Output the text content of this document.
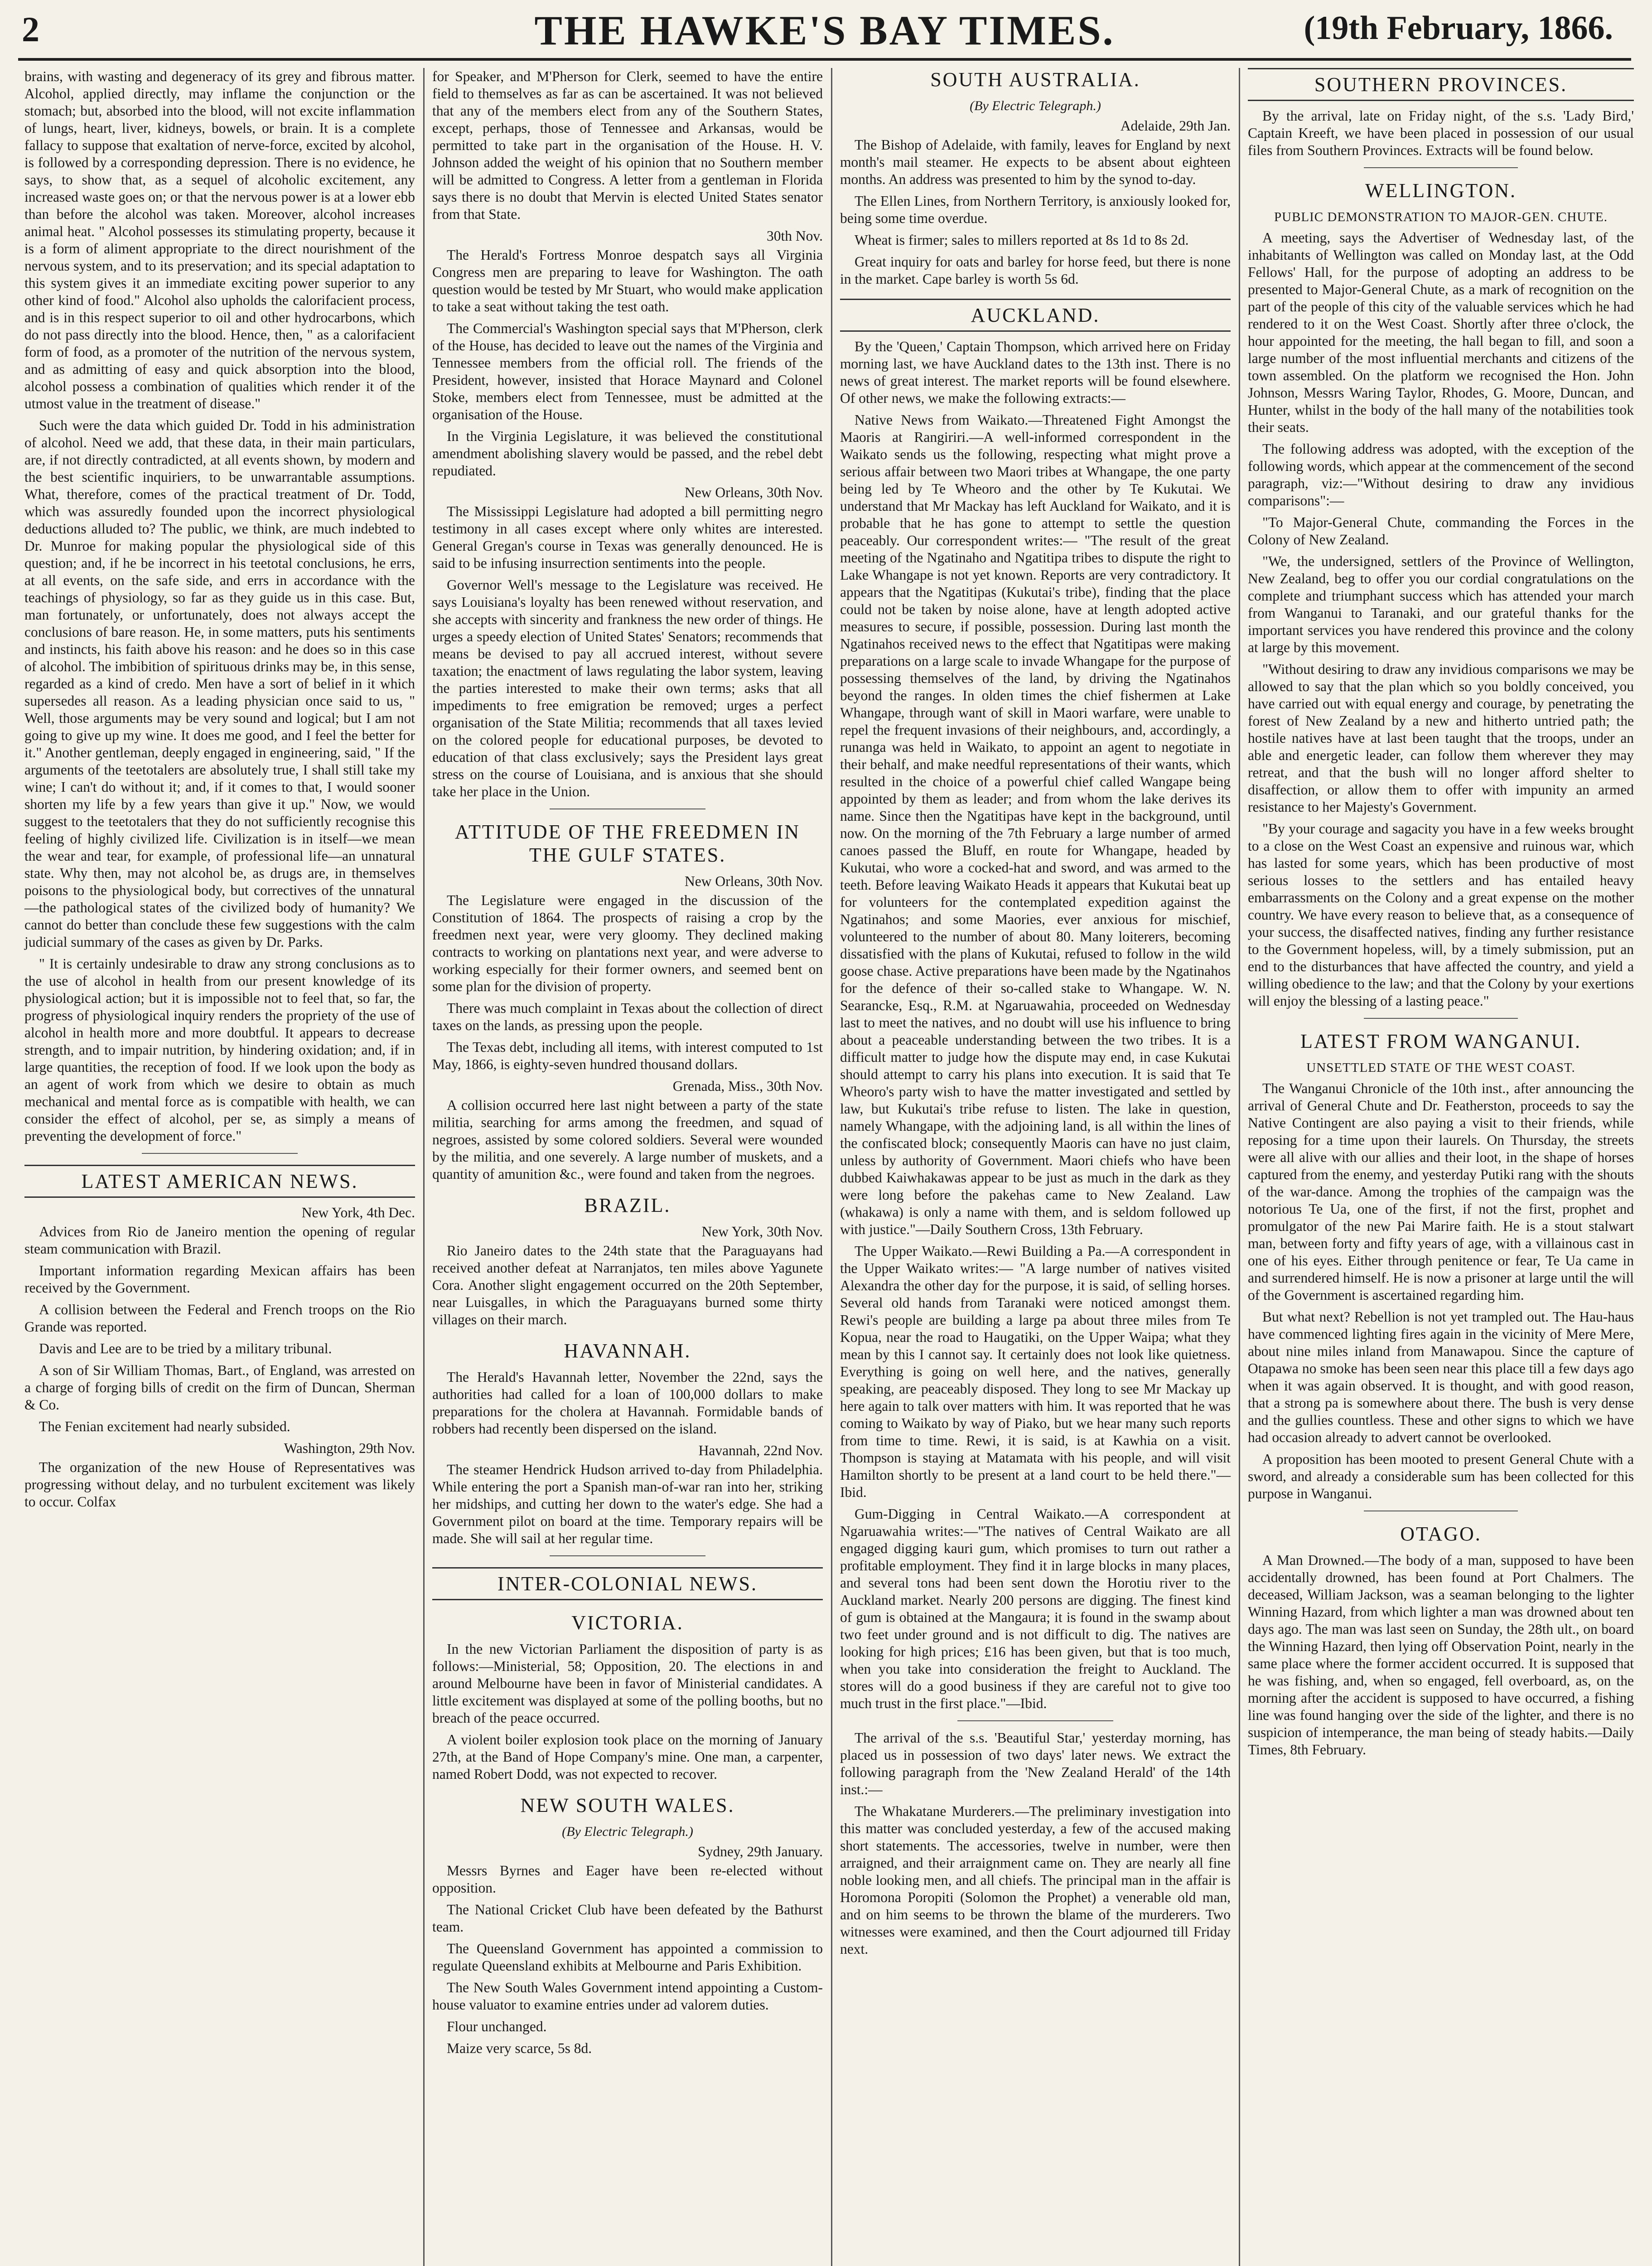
2	THE HAWKE'S BAY TIMES.	(19th February, 1866.

brains, with wasting and degeneracy of its grey and fibrous matter. Alcohol, applied directly, may inflame the conjunction or the stomach; but, absorbed into the blood, will not excite inflammation of lungs, heart, liver, kidneys, bowels, or brain. It is a complete fallacy to suppose that exaltation of nerve-force, excited by alcohol, is followed by a corresponding depression. There is no evidence, he says, to show that, as a sequel of alcoholic excitement, any increased waste goes on; or that the nervous power is at a lower ebb than before the alcohol was taken. Moreover, alcohol increases animal heat. " Alcohol possesses its stimulating property, because it is a form of aliment appropriate to the direct nourishment of the nervous system, and to its preservation; and its special adaptation to this system gives it an immediate exciting power superior to any other kind of food." Alcohol also upholds the calorifacient process, and is in this respect superior to oil and other hydrocarbons, which do not pass directly into the blood. Hence, then, " as a calorifacient form of food, as a promoter of the nutrition of the nervous system, and as admitting of easy and quick absorption into the blood, alcohol possess a combination of qualities which render it of the utmost value in the treatment of disease."

Such were the data which guided Dr. Todd in his administration of alcohol. Need we add, that these data, in their main particulars, are, if not directly contradicted, at all events shown, by modern and the best scientific inquiriers, to be unwarrantable assumptions. What, therefore, comes of the practical treatment of Dr. Todd, which was assuredly founded upon the incorrect physiological deductions alluded to? The public, we think, are much indebted to Dr. Munroe for making popular the physiological side of this question; and, if he be incorrect in his teetotal conclusions, he errs, at all events, on the safe side, and errs in accordance with the teachings of physiology, so far as they guide us in this case. But, man fortunately, or unfortunately, does not always accept the conclusions of bare reason. He, in some matters, puts his sentiments and instincts, his faith above his reason: and he does so in this case of alcohol. The imbibition of spirituous drinks may be, in this sense, regarded as a kind of credo. Men have a sort of belief in it which supersedes all reason. As a leading physician once said to us, " Well, those arguments may be very sound and logical; but I am not going to give up my wine. It does me good, and I feel the better for it." Another gentleman, deeply engaged in engineering, said, " If the arguments of the teetotalers are absolutely true, I shall still take my wine; I can't do without it; and, if it comes to that, I would sooner shorten my life by a few years than give it up." Now, we would suggest to the teetotalers that they do not sufficiently recognise this feeling of highly civilized life. Civilization is in itself—we mean the wear and tear, for example, of professional life—an unnatural state. Why then, may not alcohol be, as drugs are, in themselves poisons to the physiological body, but correctives of the unnatural—the pathological states of the civilized body of humanity? We cannot do better than conclude these few suggestions with the calm judicial summary of the cases as given by Dr. Parks.

" It is certainly undesirable to draw any strong conclusions as to the use of alcohol in health from our present knowledge of its physiological action; but it is impossible not to feel that, so far, the progress of physiological inquiry renders the propriety of the use of alcohol in health more and more doubtful. It appears to decrease strength, and to impair nutrition, by hindering oxidation; and, if in large quantities, the reception of food. If we look upon the body as an agent of work from which we desire to obtain as much mechanical and mental force as is compatible with health, we can consider the effect of alcohol, per se, as simply a means of preventing the development of force."

LATEST AMERICAN NEWS.

New York, 4th Dec.

Advices from Rio de Janeiro mention the opening of regular steam communication with Brazil.

Important information regarding Mexican affairs has been received by the Government.

A collision between the Federal and French troops on the Rio Grande was reported.

Davis and Lee are to be tried by a military tribunal.

A son of Sir William Thomas, Bart., of England, was arrested on a charge of forging bills of credit on the firm of Duncan, Sherman & Co.

The Fenian excitement had nearly subsided.

Washington, 29th Nov.

The organization of the new House of Representatives was progressing without delay, and no turbulent excitement was likely to occur. Colfax

for Speaker, and M'Pherson for Clerk, seemed to have the entire field to themselves as far as can be ascertained. It was not believed that any of the members elect from any of the Southern States, except, perhaps, those of Tennessee and Arkansas, would be permitted to take part in the organisation of the House. H. V. Johnson added the weight of his opinion that no Southern member will be admitted to Congress. A letter from a gentleman in Florida says there is no doubt that Mervin is elected United States senator from that State.

30th Nov.

The Herald's Fortress Monroe despatch says all Virginia Congress men are preparing to leave for Washington. The oath question would be tested by Mr Stuart, who would make application to take a seat without taking the test oath.

The Commercial's Washington special says that M'Pherson, clerk of the House, has decided to leave out the names of the Virginia and Tennessee members from the official roll. The friends of the President, however, insisted that Horace Maynard and Colonel Stoke, members elect from Tennessee, must be admitted at the organisation of the House.

In the Virginia Legislature, it was believed the constitutional amendment abolishing slavery would be passed, and the rebel debt repudiated.

New Orleans, 30th Nov.

The Mississippi Legislature had adopted a bill permitting negro testimony in all cases except where only whites are interested. General Gregan's course in Texas was generally denounced. He is said to be infusing insurrection sentiments into the people.

Governor Well's message to the Legislature was received. He says Louisiana's loyalty has been renewed without reservation, and she accepts with sincerity and frankness the new order of things. He urges a speedy election of United States' Senators; recommends that means be devised to pay all accrued interest, without severe taxation; the enactment of laws regulating the labor system, leaving the parties interested to make their own terms; asks that all impediments to free emigration be removed; urges a perfect organisation of the State Militia; recommends that all taxes levied on the colored people for educational purposes, be devoted to education of that class exclusively; says the President lays great stress on the course of Louisiana, and is anxious that she should take her place in the Union.

ATTITUDE OF THE FREEDMEN IN THE GULF STATES.

New Orleans, 30th Nov.

The Legislature were engaged in the discussion of the Constitution of 1864. The prospects of raising a crop by the freedmen next year, were very gloomy. They declined making contracts to working on plantations next year, and were adverse to working especially for their former owners, and seemed bent on some plan for the division of property.

There was much complaint in Texas about the collection of direct taxes on the lands, as pressing upon the people.

The Texas debt, including all items, with interest computed to 1st May, 1866, is eighty-seven hundred thousand dollars.

Grenada, Miss., 30th Nov.

A collision occurred here last night between a party of the state militia, searching for arms among the freedmen, and squad of negroes, assisted by some colored soldiers. Several were wounded by the militia, and one severely. A large number of muskets, and a quantity of amunition &c., were found and taken from the negroes.

BRAZIL.

New York, 30th Nov.

Rio Janeiro dates to the 24th state that the Paraguayans had received another defeat at Narranjatos, ten miles above Yagunete Cora. Another slight engagement occurred on the 20th September, near Luisgalles, in which the Paraguayans burned some thirty villages on their march.

HAVANNAH.

The Herald's Havannah letter, November the 22nd, says the authorities had called for a loan of 100,000 dollars to make preparations for the cholera at Havannah. Formidable bands of robbers had recently been dispersed on the island.

Havannah, 22nd Nov.

The steamer Hendrick Hudson arrived to-day from Philadelphia. While entering the port a Spanish man-of-war ran into her, striking her midships, and cutting her down to the water's edge. She had a Government pilot on board at the time. Temporary repairs will be made. She will sail at her regular time.

INTER-COLONIAL NEWS.
VICTORIA.

In the new Victorian Parliament the disposition of party is as follows:—Ministerial, 58; Opposition, 20. The elections in and around Melbourne have been in favor of Ministerial candidates. A little excitement was displayed at some of the polling booths, but no breach of the peace occurred.

A violent boiler explosion took place on the morning of January 27th, at the Band of Hope Company's mine. One man, a carpenter, named Robert Dodd, was not expected to recover.

NEW SOUTH WALES.

(By Electric Telegraph.)

Sydney, 29th January.

Messrs Byrnes and Eager have been re-elected without opposition.

The National Cricket Club have been defeated by the Bathurst team.

The Queensland Government has appointed a commission to regulate Queensland exhibits at Melbourne and Paris Exhibition.

The New South Wales Government intend appointing a Custom-house valuator to examine entries under ad valorem duties.

Flour unchanged.

Maize very scarce, 5s 8d.

SOUTH AUSTRALIA.

(By Electric Telegraph.)

Adelaide, 29th Jan.

The Bishop of Adelaide, with family, leaves for England by next month's mail steamer. He expects to be absent about eighteen months. An address was presented to him by the synod to-day.

The Ellen Lines, from Northern Territory, is anxiously looked for, being some time overdue.

Wheat is firmer; sales to millers reported at 8s 1d to 8s 2d.

Great inquiry for oats and barley for horse feed, but there is none in the market. Cape barley is worth 5s 6d.

AUCKLAND.

By the 'Queen,' Captain Thompson, which arrived here on Friday morning last, we have Auckland dates to the 13th inst. There is no news of great interest. The market reports will be found elsewhere. Of other news, we make the following extracts:—

Native News from Waikato.—Threatened Fight Amongst the Maoris at Rangiriri.—A well-informed correspondent in the Waikato sends us the following, respecting what might prove a serious affair between two Maori tribes at Whangape, the one party being led by Te Wheoro and the other by Te Kukutai. We understand that Mr Mackay has left Auckland for Waikato, and it is probable that he has gone to attempt to settle the question peaceably. Our correspondent writes:— "The result of the great meeting of the Ngatinaho and Ngatitipa tribes to dispute the right to Lake Whangape is not yet known. Reports are very contradictory. It appears that the Ngatitipas (Kukutai's tribe), finding that the place could not be taken by noise alone, have at length adopted active measures to secure, if possible, possession. During last month the Ngatinahos received news to the effect that Ngatitipas were making preparations on a large scale to invade Whangape for the purpose of possessing themselves of the land, by driving the Ngatinahos beyond the ranges. In olden times the chief fishermen at Lake Whangape, through want of skill in Maori warfare, were unable to repel the frequent invasions of their neighbours, and, accordingly, a runanga was held in Waikato, to appoint an agent to negotiate in their behalf, and make needful representations of their wants, which resulted in the choice of a powerful chief called Wangape being appointed by them as leader; and from whom the lake derives its name. Since then the Ngatitipas have kept in the background, until now. On the morning of the 7th February a large number of armed canoes passed the Bluff, en route for Whangape, headed by Kukutai, who wore a cocked-hat and sword, and was armed to the teeth. Before leaving Waikato Heads it appears that Kukutai beat up for volunteers for the contemplated expedition against the Ngatinahos; and some Maories, ever anxious for mischief, volunteered to the number of about 80. Many loiterers, becoming dissatisfied with the plans of Kukutai, refused to follow in the wild goose chase. Active preparations have been made by the Ngatinahos for the defence of their so-called stake to Whangape. W. N. Searancke, Esq., R.M. at Ngaruawahia, proceeded on Wednesday last to meet the natives, and no doubt will use his influence to bring about a peaceable understanding between the two tribes. It is a difficult matter to judge how the dispute may end, in case Kukutai should attempt to carry his plans into execution. It is said that Te Wheoro's party wish to have the matter investigated and settled by law, but Kukutai's tribe refuse to listen. The lake in question, namely Whangape, with the adjoining land, is all within the lines of the confiscated block; consequently Maoris can have no just claim, unless by authority of Government. Maori chiefs who have been dubbed Kaiwhakawas appear to be just as much in the dark as they were long before the pakehas came to New Zealand. Law (whakawa) is only a name with them, and is seldom followed up with justice."—Daily Southern Cross, 13th February.

The Upper Waikato.—Rewi Building a Pa.—A correspondent in the Upper Waikato writes:— "A large number of natives visited Alexandra the other day for the purpose, it is said, of selling horses. Several old hands from Taranaki were noticed amongst them. Rewi's people are building a large pa about three miles from Te Kopua, near the road to Haugatiki, on the Upper Waipa; what they mean by this I cannot say. It certainly does not look like quietness. Everything is going on well here, and the natives, generally speaking, are peaceably disposed. They long to see Mr Mackay up here again to talk over matters with him. It was reported that he was coming to Waikato by way of Piako, but we hear many such reports from time to time. Rewi, it is said, is at Kawhia on a visit. Thompson is staying at Matamata with his people, and will visit Hamilton shortly to be present at a land court to be held there."—Ibid.

Gum-Digging in Central Waikato.—A correspondent at Ngaruawahia writes:—"The natives of Central Waikato are all engaged digging kauri gum, which promises to turn out rather a profitable employment. They find it in large blocks in many places, and several tons had been sent down the Horotiu river to the Auckland market. Nearly 200 persons are digging. The finest kind of gum is obtained at the Mangaura; it is found in the swamp about two feet under ground and is not difficult to dig. The natives are looking for high prices; £16 has been given, but that is too much, when you take into consideration the freight to Auckland. The stores will do a good business if they are careful not to give too much trust in the first place."—Ibid.

The arrival of the s.s. 'Beautiful Star,' yesterday morning, has placed us in possession of two days' later news. We extract the following paragraph from the 'New Zealand Herald' of the 14th inst.:—

The Whakatane Murderers.—The preliminary investigation into this matter was concluded yesterday, a few of the accused making short statements. The accessories, twelve in number, were then arraigned, and their arraignment came on. They are nearly all fine noble looking men, and all chiefs. The principal man in the affair is Horomona Poropiti (Solomon the Prophet) a venerable old man, and on him seems to be thrown the blame of the murderers. Two witnesses were examined, and then the Court adjourned till Friday next.

SOUTHERN PROVINCES.

By the arrival, late on Friday night, of the s.s. 'Lady Bird,' Captain Kreeft, we have been placed in possession of our usual files from Southern Provinces. Extracts will be found below.

WELLINGTON.

PUBLIC DEMONSTRATION TO MAJOR-GEN. CHUTE.

A meeting, says the Advertiser of Wednesday last, of the inhabitants of Wellington was called on Monday last, at the Odd Fellows' Hall, for the purpose of adopting an address to be presented to Major-General Chute, as a mark of recognition on the part of the people of this city of the valuable services which he had rendered to it on the West Coast. Shortly after three o'clock, the hour appointed for the meeting, the hall began to fill, and soon a large number of the most influential merchants and citizens of the town assembled. On the platform we recognised the Hon. John Johnson, Messrs Waring Taylor, Rhodes, G. Moore, Duncan, and Hunter, whilst in the body of the hall many of the notabilities took their seats.

The following address was adopted, with the exception of the following words, which appear at the commencement of the second paragraph, viz:—"Without desiring to draw any invidious comparisons":—

"To Major-General Chute, commanding the Forces in the Colony of New Zealand.

"We, the undersigned, settlers of the Province of Wellington, New Zealand, beg to offer you our cordial congratulations on the complete and triumphant success which has attended your march from Wanganui to Taranaki, and our grateful thanks for the important services you have rendered this province and the colony at large by this movement.

"Without desiring to draw any invidious comparisons we may be allowed to say that the plan which so you boldly conceived, you have carried out with equal energy and courage, by penetrating the forest of New Zealand by a new and hitherto untried path; the hostile natives have at last been taught that the troops, under an able and energetic leader, can follow them wherever they may retreat, and that the bush will no longer afford shelter to disaffection, or allow them to offer with impunity an armed resistance to her Majesty's Government.

"By your courage and sagacity you have in a few weeks brought to a close on the West Coast an expensive and ruinous war, which has lasted for some years, which has been productive of most serious losses to the settlers and has entailed heavy embarrassments on the Colony and a great expense on the mother country. We have every reason to believe that, as a consequence of your success, the disaffected natives, finding any further resistance to the Government hopeless, will, by a timely submission, put an end to the disturbances that have affected the country, and yield a willing obedience to the law; and that the Colony by your exertions will enjoy the blessing of a lasting peace."

LATEST FROM WANGANUI.

UNSETTLED STATE OF THE WEST COAST.

The Wanganui Chronicle of the 10th inst., after announcing the arrival of General Chute and Dr. Featherston, proceeds to say the Native Contingent are also paying a visit to their friends, while reposing for a time upon their laurels. On Thursday, the streets were all alive with our allies and their loot, in the shape of horses captured from the enemy, and yesterday Putiki rang with the shouts of the war-dance. Among the trophies of the campaign was the notorious Te Ua, one of the first, if not the first, prophet and promulgator of the new Pai Marire faith. He is a stout stalwart man, between forty and fifty years of age, with a villainous cast in one of his eyes. Either through penitence or fear, Te Ua came in and surrendered himself. He is now a prisoner at large until the will of the Government is ascertained regarding him.

But what next? Rebellion is not yet trampled out. The Hau-haus have commenced lighting fires again in the vicinity of Mere Mere, about nine miles inland from Manawapou. Since the capture of Otapawa no smoke has been seen near this place till a few days ago when it was again observed. It is thought, and with good reason, that a strong pa is somewhere about there. The bush is very dense and the gullies countless. These and other signs to which we have had occasion already to advert cannot be overlooked.

A proposition has been mooted to present General Chute with a sword, and already a considerable sum has been collected for this purpose in Wanganui.

OTAGO.

A Man Drowned.—The body of a man, supposed to have been accidentally drowned, has been found at Port Chalmers. The deceased, William Jackson, was a seaman belonging to the lighter Winning Hazard, from which lighter a man was drowned about ten days ago. The man was last seen on Sunday, the 28th ult., on board the Winning Hazard, then lying off Observation Point, nearly in the same place where the former accident occurred. It is supposed that he was fishing, and, when so engaged, fell overboard, as, on the morning after the accident is supposed to have occurred, a fishing line was found hanging over the side of the lighter, and there is no suspicion of intemperance, the man being of steady habits.—Daily Times, 8th February.
